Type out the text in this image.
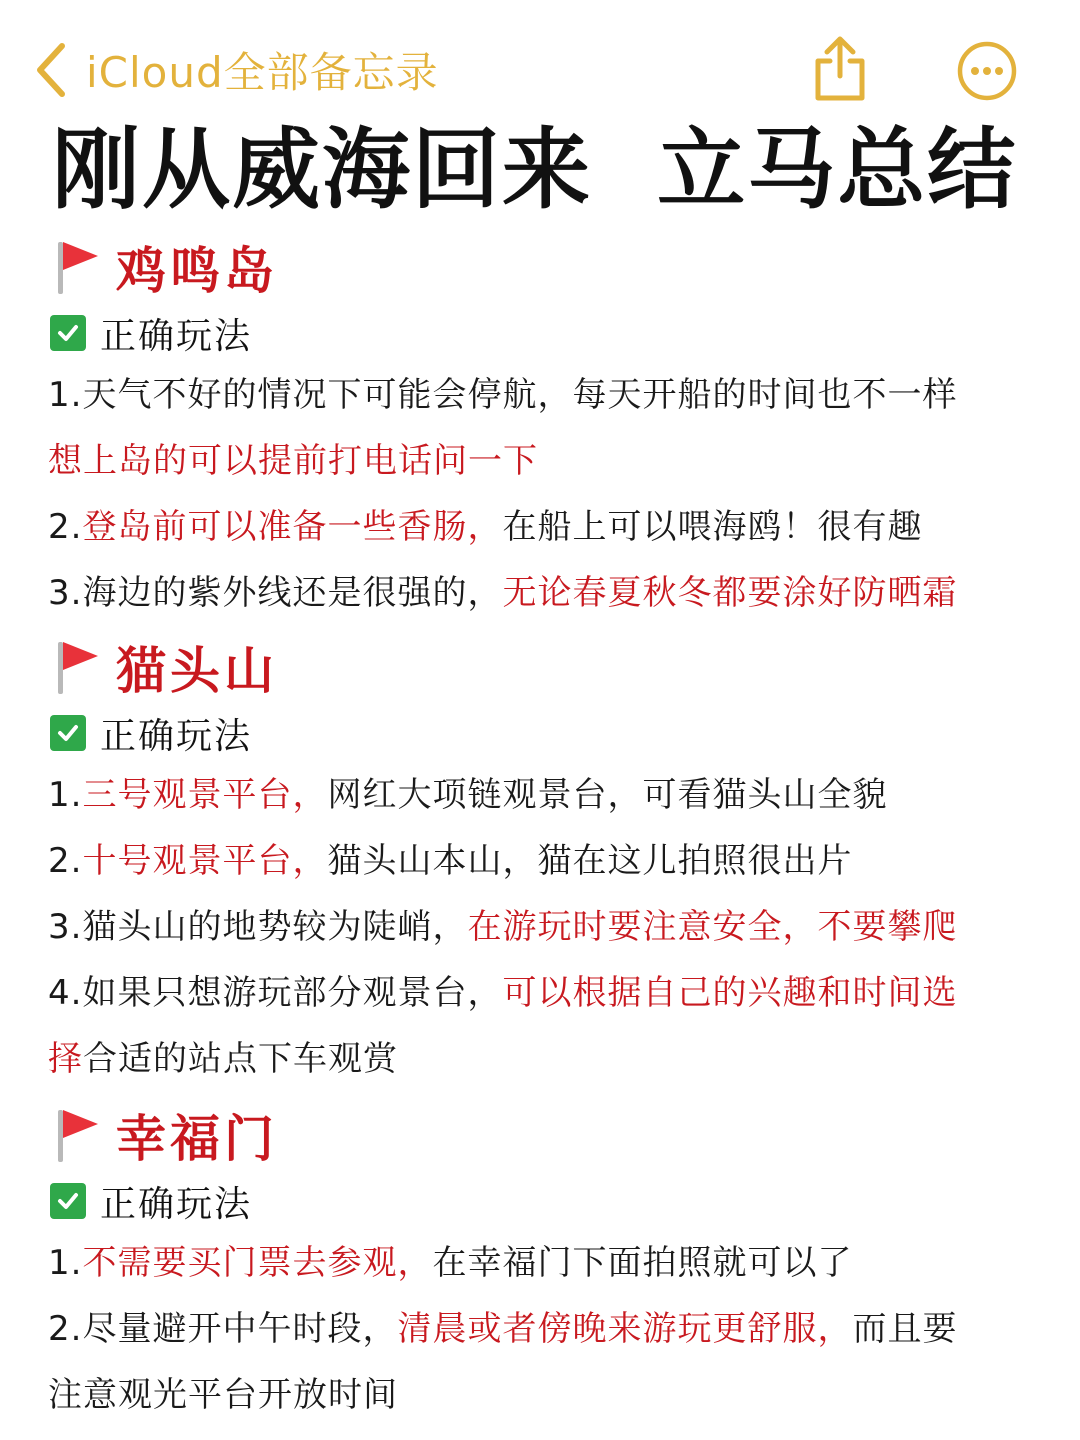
iCloud全部备忘录
刚从威海回来  立马总结
鸡鸣岛
正确玩法
1.天气不好的情况下可能会停航，每天开船的时间也不一样
想上岛的可以提前打电话问一下
2.登岛前可以准备一些香肠，在船上可以喂海鸥！很有趣
3.海边的紫外线还是很强的，无论春夏秋冬都要涂好防晒霜
猫头山
正确玩法
1.三号观景平台，网红大项链观景台，可看猫头山全貌
2.十号观景平台，猫头山本山，猫在这儿拍照很出片
3.猫头山的地势较为陡峭，在游玩时要注意安全，不要攀爬
4.如果只想游玩部分观景台，可以根据自己的兴趣和时间选
择合适的站点下车观赏
幸福门
正确玩法
1.不需要买门票去参观，在幸福门下面拍照就可以了
2.尽量避开中午时段，清晨或者傍晚来游玩更舒服，而且要
注意观光平台开放时间
